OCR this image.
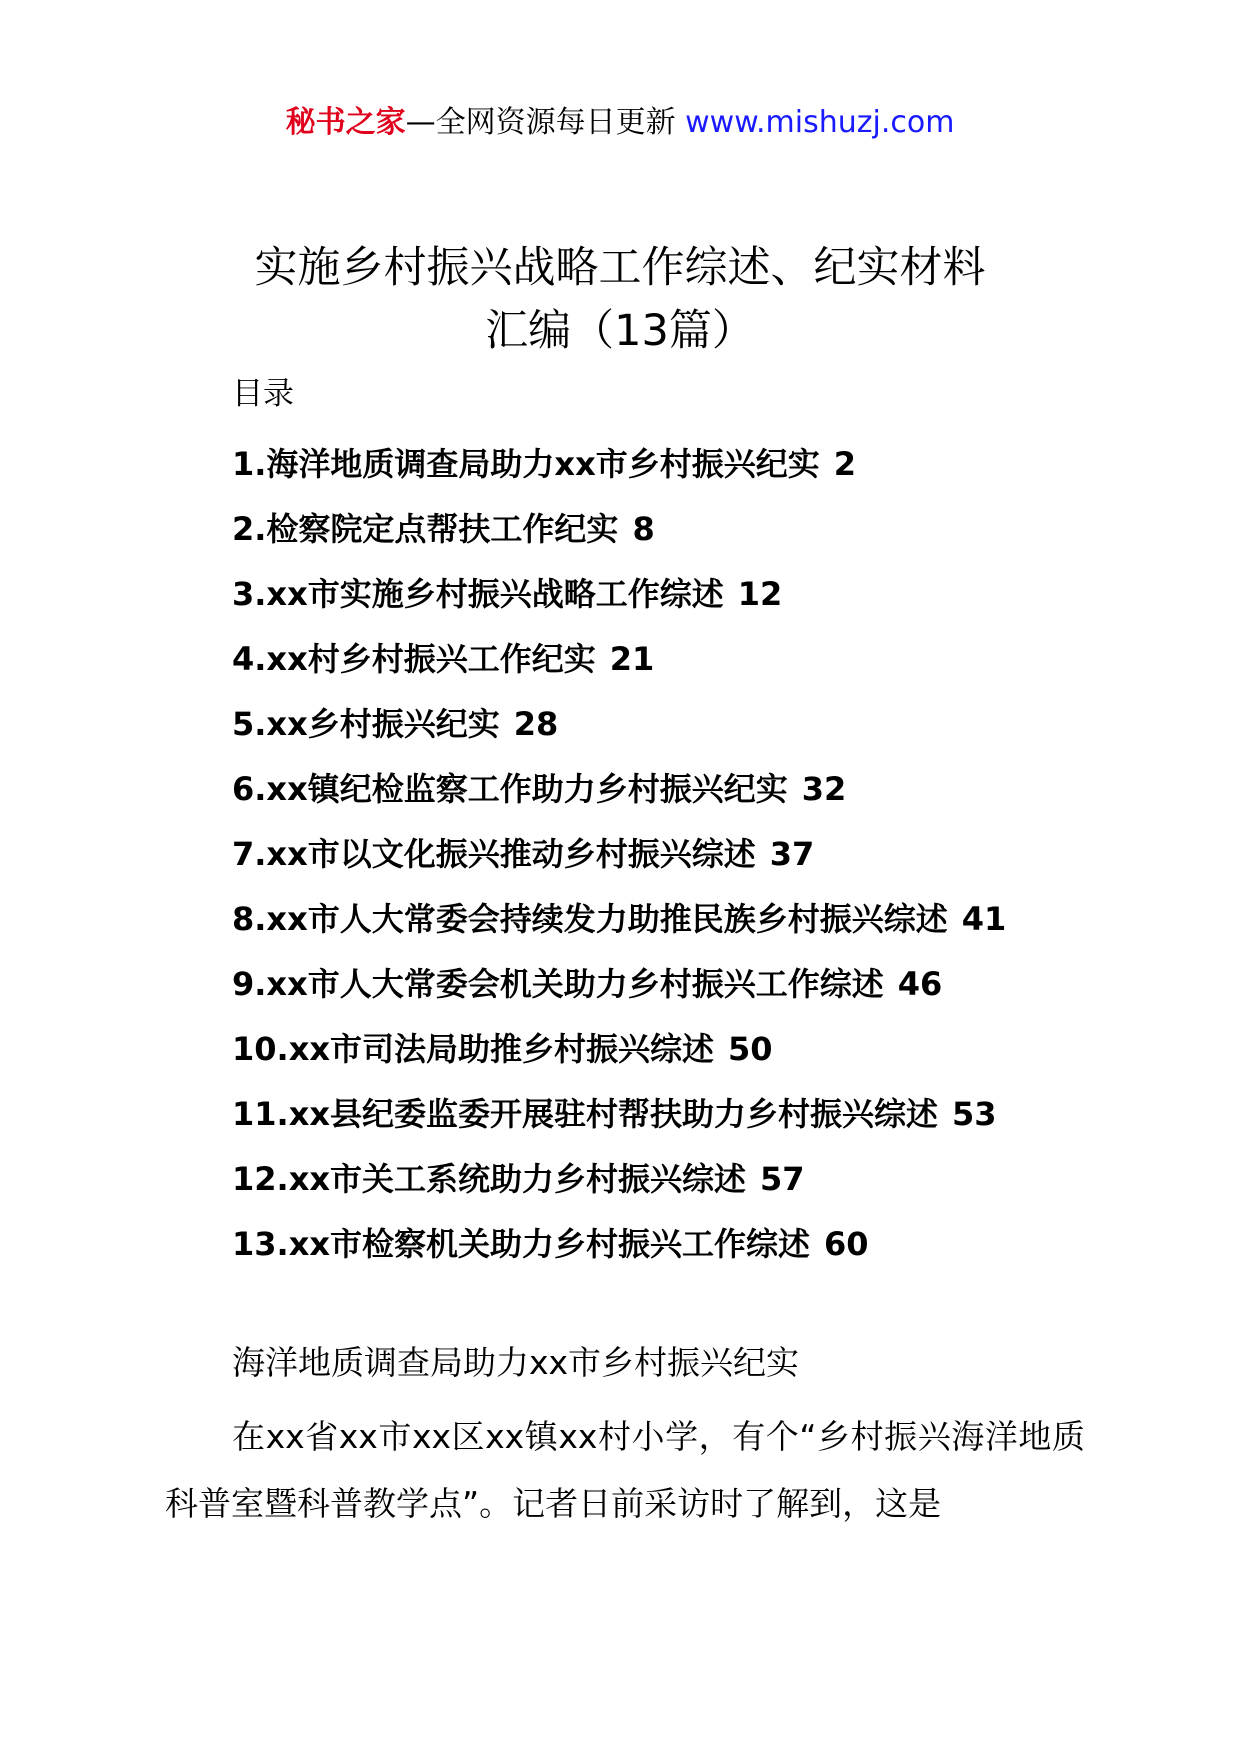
秘书之家—全网资源每日更新 www.mishuzj.com
实施乡村振兴战略工作综述、纪实材料
汇编（13篇）
目录
1.海洋地质调查局助力xx市乡村振兴纪实 2
2.检察院定点帮扶工作纪实 8
3.xx市实施乡村振兴战略工作综述 12
4.xx村乡村振兴工作纪实 21
5.xx乡村振兴纪实 28
6.xx镇纪检监察工作助力乡村振兴纪实 32
7.xx市以文化振兴推动乡村振兴综述 37
8.xx市人大常委会持续发力助推民族乡村振兴综述 41
9.xx市人大常委会机关助力乡村振兴工作综述 46
10.xx市司法局助推乡村振兴综述 50
11.xx县纪委监委开展驻村帮扶助力乡村振兴综述 53
12.xx市关工系统助力乡村振兴综述 57
13.xx市检察机关助力乡村振兴工作综述 60
海洋地质调查局助力xx市乡村振兴纪实
在xx省xx市xx区xx镇xx村小学，有个“乡村振兴海洋地质科普室暨科普教学点”。记者日前采访时了解到，这是
